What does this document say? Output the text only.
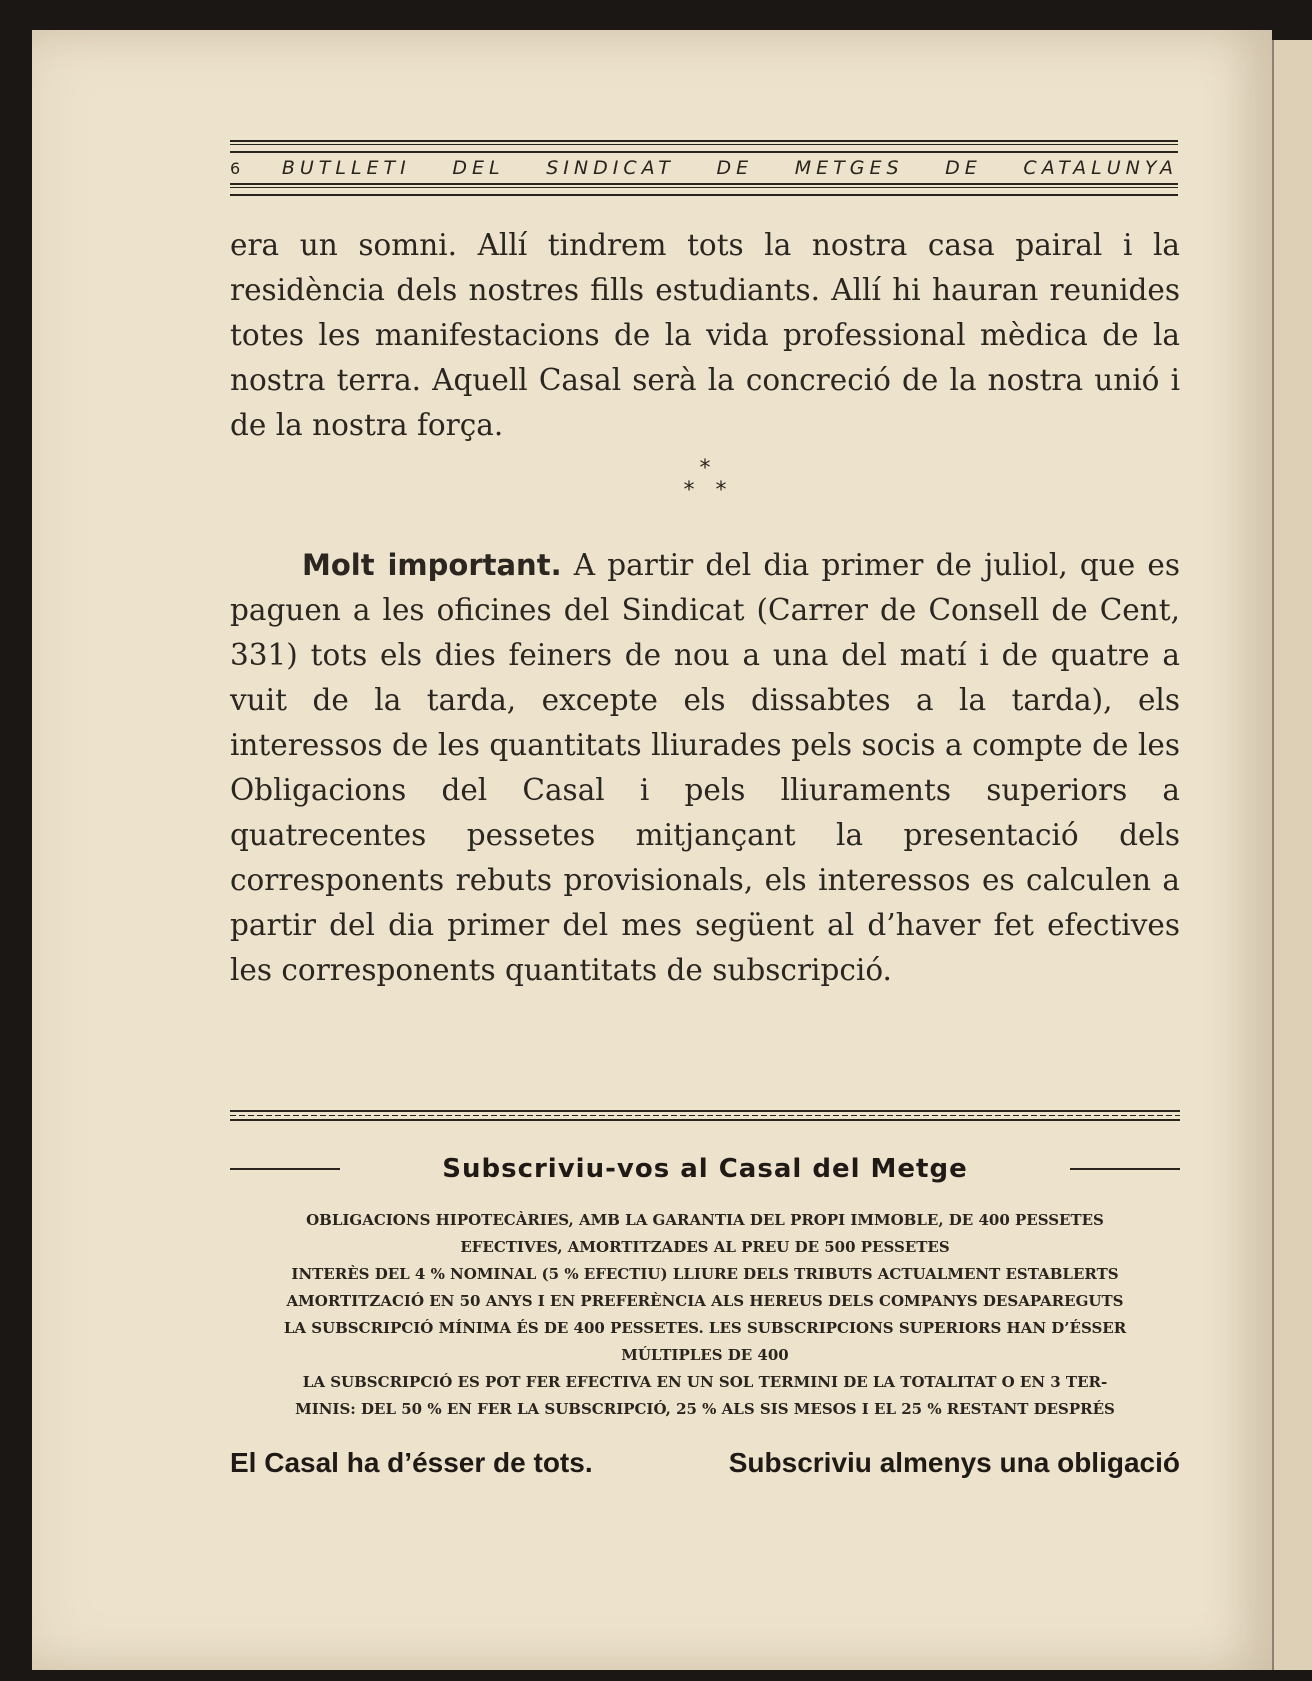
6 BUTLLETI DEL SINDICAT DE METGES DE CATALUNYA
era un somni. Allí tindrem tots la nostra casa pairal i la residència dels nostres fills estudiants. Allí hi hauran reunides totes les manifestacions de la vida professional mèdica de la nostra terra. Aquell Casal serà la concreció de la nostra unió i de la nostra força.
*
*   *
Molt important. A partir del dia primer de juliol, que es paguen a les oficines del Sindicat (Carrer de Consell de Cent, 331) tots els dies feiners de nou a una del matí i de quatre a vuit de la tarda, excepte els dissabtes a la tarda), els interessos de les quantitats lliurades pels socis a compte de les Obligacions del Casal i pels lliuraments superiors a quatrecentes pessetes mitjançant la presentació dels corresponents rebuts provisionals, els interessos es calculen a partir del dia primer del mes següent al d’haver fet efectives les corresponents quantitats de subscripció.
Subscriviu-vos al Casal del Metge
OBLIGACIONS HIPOTECÀRIES, AMB LA GARANTIA DEL PROPI IMMOBLE, DE 400 PESSETES
EFECTIVES, AMORTITZADES AL PREU DE 500 PESSETES
INTERÈS DEL 4 % NOMINAL (5 % EFECTIU) LLIURE DELS TRIBUTS ACTUALMENT ESTABLERTS
AMORTITZACIÓ EN 50 ANYS I EN PREFERÈNCIA ALS HEREUS DELS COMPANYS DESAPAREGUTS
LA SUBSCRIPCIÓ MÍNIMA ÉS DE 400 PESSETES. LES SUBSCRIPCIONS SUPERIORS HAN D’ÉSSER
MÚLTIPLES DE 400
LA SUBSCRIPCIÓ ES POT FER EFECTIVA EN UN SOL TERMINI DE LA TOTALITAT O EN 3 TER-
MINIS: DEL 50 % EN FER LA SUBSCRIPCIÓ, 25 % ALS SIS MESOS I EL 25 % RESTANT DESPRÉS
El Casal ha d’ésser de tots.	Subscriviu almenys una obligació
